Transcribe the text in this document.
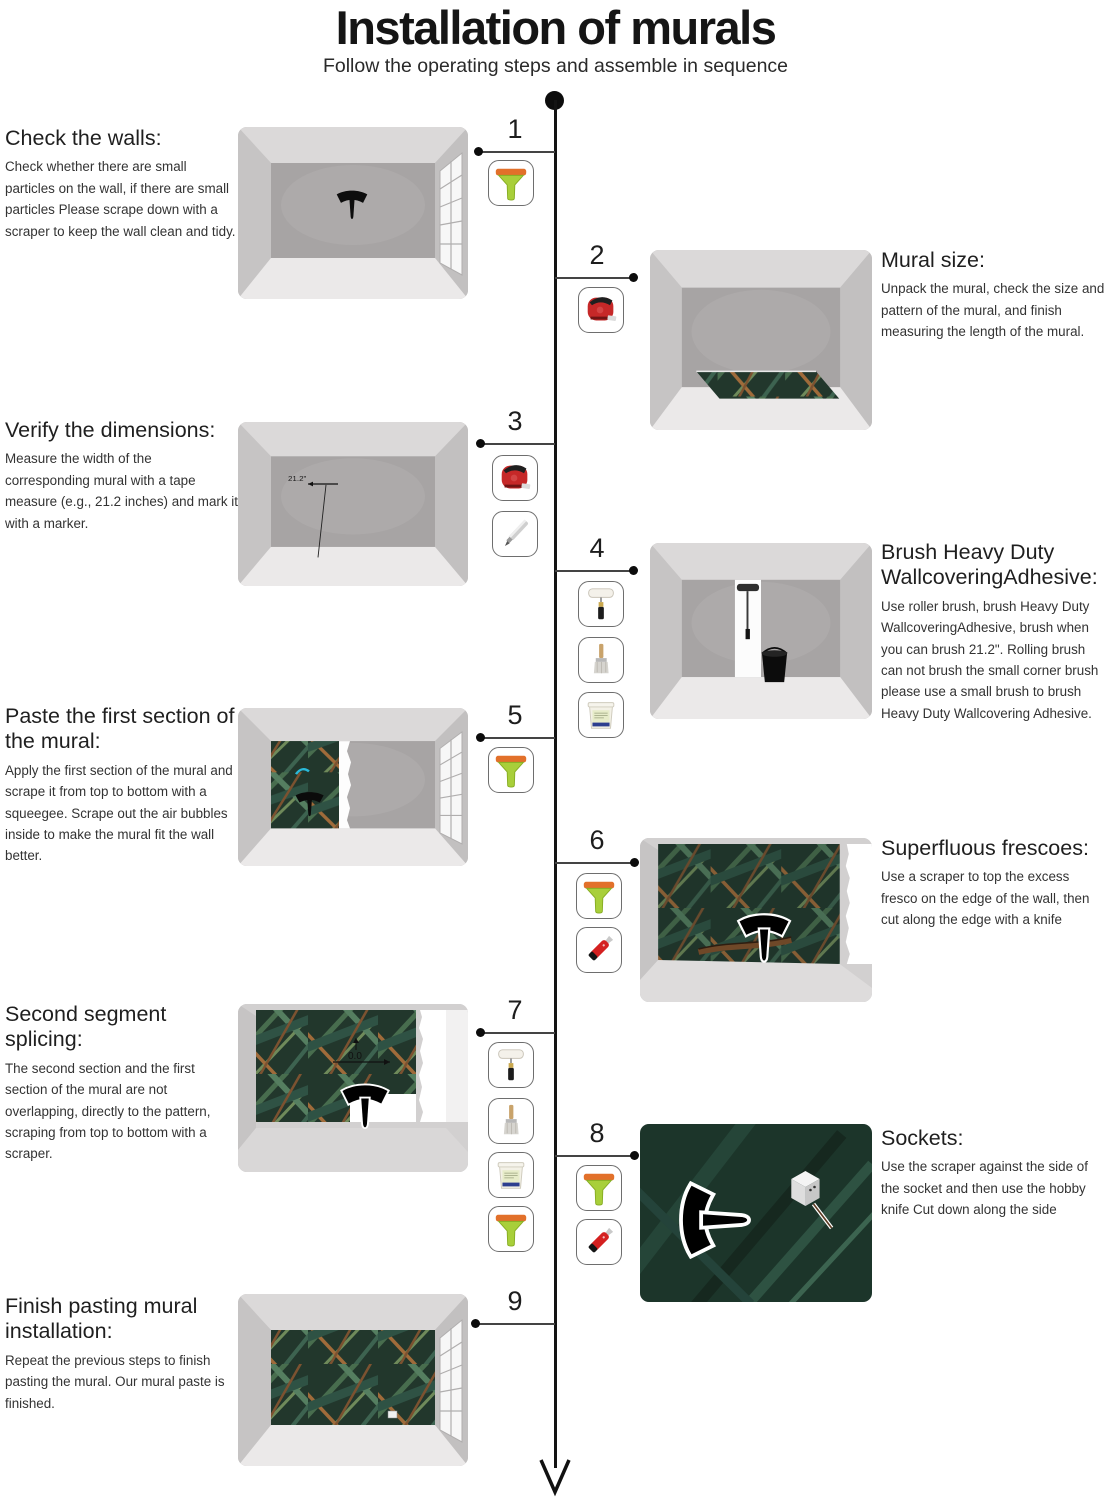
Installation of murals
Follow the operating steps and assemble in sequence
Check the walls:

Check whether there are small particles on the wall, if there are small particles Please scrape down with a scraper to keep the wall clean and tidy.

1
2	Mural size:

Unpack the mural, check the size and pattern of the mural, and finish measuring the length of the mural.

Verify the dimensions:

Measure the width of the corresponding mural with a tape measure (e.g., 21.2 inches) and mark it with a marker.

3
21.2"
4	Brush Heavy Duty WallcoveringAdhesive:

Use roller brush, brush Heavy Duty WallcoveringAdhesive, brush when you can brush 21.2". Rolling brush can not brush the small corner brush please use a small brush to brush Heavy Duty Wallcovering Adhesive.

Paste the first section of the mural:

Apply the first section of the mural and scrape it from top to bottom with a squeegee. Scrape out the air bubbles inside to make the mural fit the wall better.

5
6	Superfluous frescoes:

Use a scraper to top the excess fresco on the edge of the wall, then cut along the edge with a knife

Second segment splicing:

The second section and the first section of the mural are not overlapping, directly to the pattern, scraping from top to bottom with a scraper.

7
0.0
8	Sockets:

Use the scraper against the side of the socket and then use the hobby knife Cut down along the side

Finish pasting mural installation:

Repeat the previous steps to finish pasting the mural. Our mural paste is finished.

9
